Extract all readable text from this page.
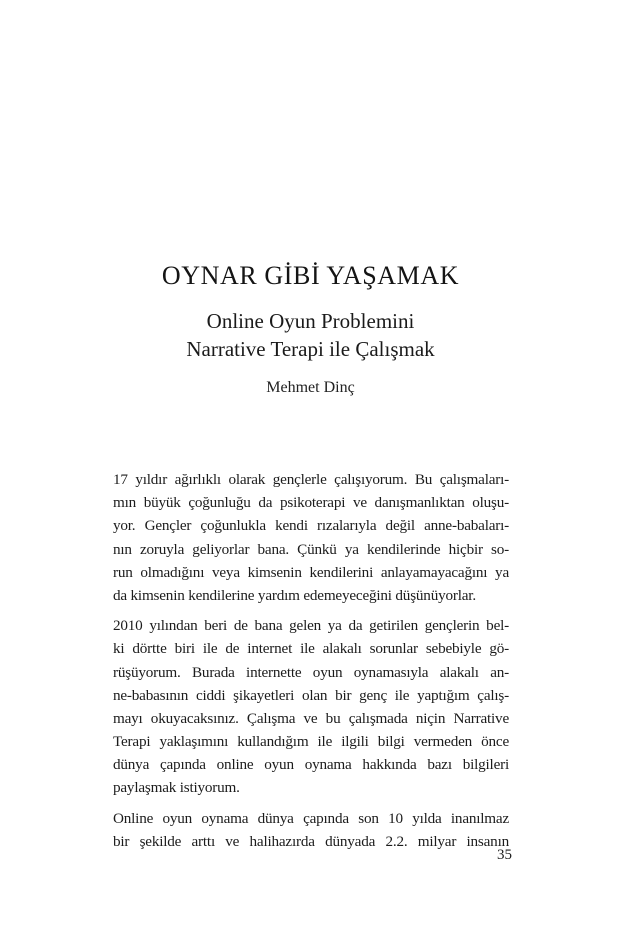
OYNAR GİBİ YAŞAMAK
Online Oyun Problemini
Narrative Terapi ile Çalışmak
Mehmet Dinç
17 yıldır ağırlıklı olarak gençlerle çalışıyorum. Bu çalışmaları-
mın büyük çoğunluğu da psikoterapi ve danışmanlıktan oluşu-
yor. Gençler çoğunlukla kendi rızalarıyla değil anne-babaları-
nın zoruyla geliyorlar bana. Çünkü ya kendilerinde hiçbir so-
run olmadığını veya kimsenin kendilerini anlayamayacağını ya
da kimsenin kendilerine yardım edemeyeceğini düşünüyorlar.
2010 yılından beri de bana gelen ya da getirilen gençlerin bel-
ki dörtte biri ile de internet ile alakalı sorunlar sebebiyle gö-
rüşüyorum. Burada internette oyun oynamasıyla alakalı an-
ne-babasının ciddi şikayetleri olan bir genç ile yaptığım çalış-
mayı okuyacaksınız. Çalışma ve bu çalışmada niçin Narrative
Terapi yaklaşımını kullandığım ile ilgili bilgi vermeden önce
dünya çapında online oyun oynama hakkında bazı bilgileri
paylaşmak istiyorum.
Online oyun oynama dünya çapında son 10 yılda inanılmaz
bir şekilde arttı ve halihazırda dünyada 2.2. milyar insanın
35
